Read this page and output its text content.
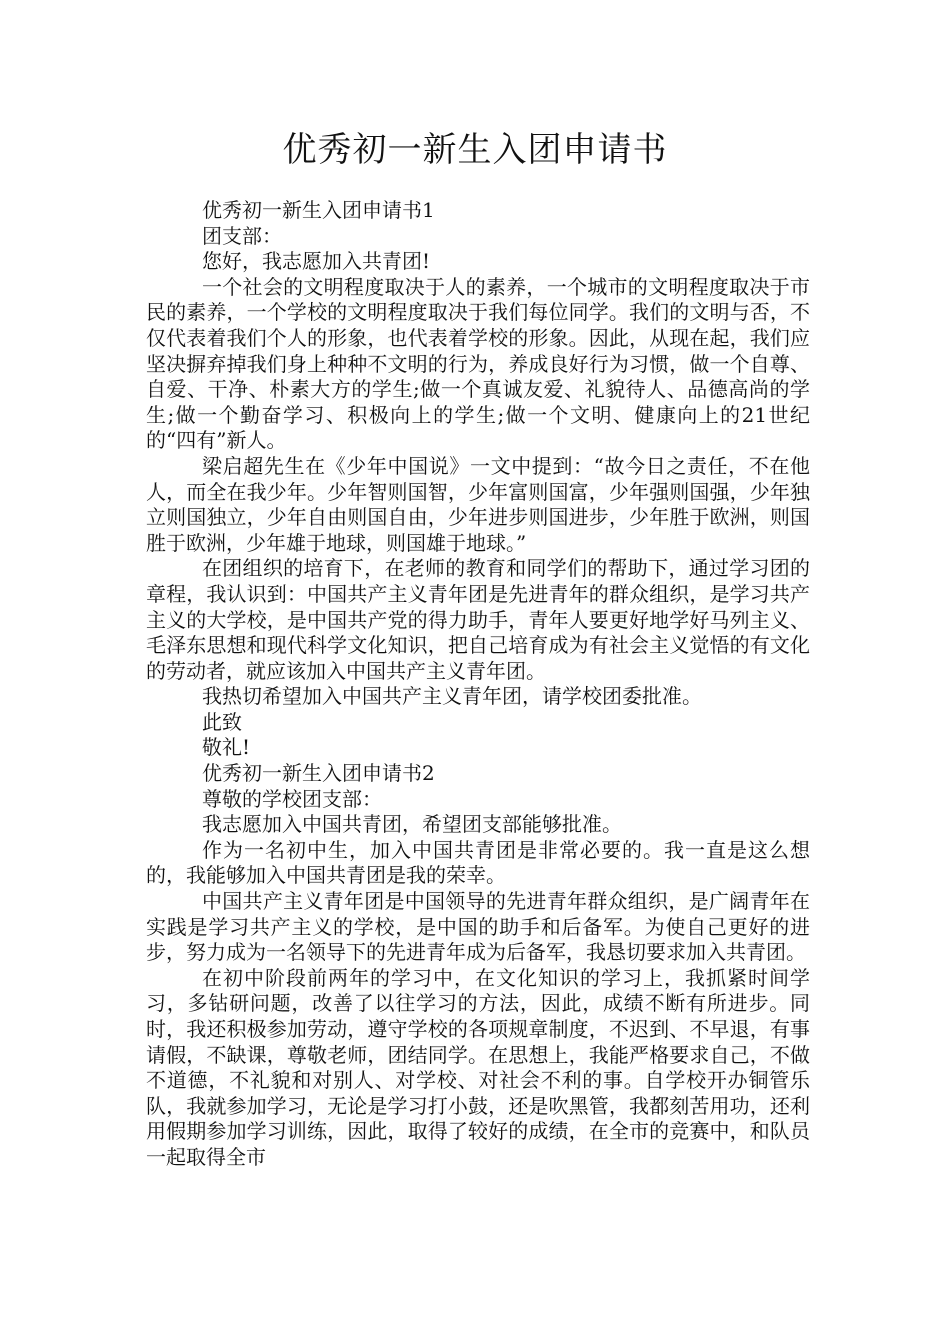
优秀初一新生入团申请书

优秀初一新生入团申请书1

团支部：

您好，我志愿加入共青团!

一个社会的文明程度取决于人的素养，一个城市的文明程度取决于市民的素养，一个学校的文明程度取决于我们每位同学。我们的文明与否，不仅代表着我们个人的形象，也代表着学校的形象。因此，从现在起，我们应坚决摒弃掉我们身上种种不文明的行为，养成良好行为习惯，做一个自尊、自爱、干净、朴素大方的学生;做一个真诚友爱、礼貌待人、品德高尚的学生;做一个勤奋学习、积极向上的学生;做一个文明、健康向上的21世纪的“四有”新人。

梁启超先生在《少年中国说》一文中提到：“故今日之责任，不在他人，而全在我少年。少年智则国智，少年富则国富，少年强则国强，少年独立则国独立，少年自由则国自由，少年进步则国进步，少年胜于欧洲，则国胜于欧洲，少年雄于地球，则国雄于地球。”

在团组织的培育下，在老师的教育和同学们的帮助下，通过学习团的章程，我认识到：中国共产主义青年团是先进青年的群众组织，是学习共产主义的大学校，是中国共产党的得力助手，青年人要更好地学好马列主义、毛泽东思想和现代科学文化知识，把自己培育成为有社会主义觉悟的有文化的劳动者，就应该加入中国共产主义青年团。

我热切希望加入中国共产主义青年团，请学校团委批准。

此致

敬礼!

优秀初一新生入团申请书2

尊敬的学校团支部：

我志愿加入中国共青团，希望团支部能够批准。

作为一名初中生，加入中国共青团是非常必要的。我一直是这么想的，我能够加入中国共青团是我的荣幸。

中国共产主义青年团是中国领导的先进青年群众组织，是广阔青年在实践是学习共产主义的学校，是中国的助手和后备军。为使自己更好的进步，努力成为一名领导下的先进青年成为后备军，我恳切要求加入共青团。

在初中阶段前两年的学习中，在文化知识的学习上，我抓紧时间学习，多钻研问题，改善了以往学习的方法，因此，成绩不断有所进步。同时，我还积极参加劳动，遵守学校的各项规章制度，不迟到、不早退，有事请假，不缺课，尊敬老师，团结同学。在思想上，我能严格要求自己，不做不道德，不礼貌和对别人、对学校、对社会不利的事。自学校开办铜管乐队，我就参加学习，无论是学习打小鼓，还是吹黑管，我都刻苦用功，还利用假期参加学习训练，因此，取得了较好的成绩，在全市的竞赛中，和队员一起取得全市
